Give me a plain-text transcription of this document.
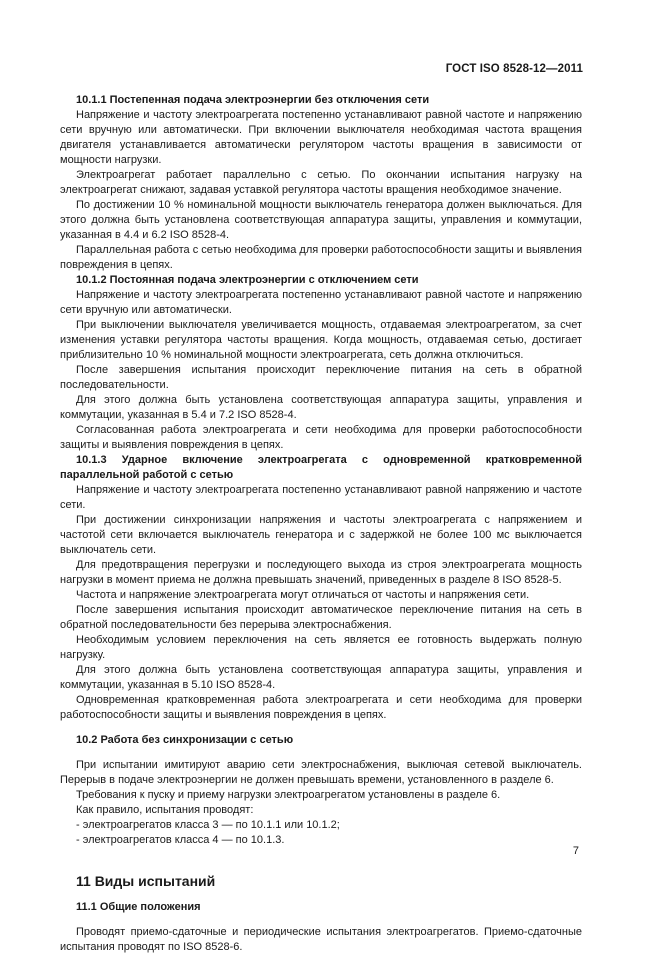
ГОСТ ISO 8528-12—2011
10.1.1 Постепенная подача электроэнергии без отключения сети

Напряжение и частоту электроагрегата постепенно устанавливают равной частоте и напряжению сети вручную или автоматически. При включении выключателя необходимая частота вращения двигателя устанавливается автоматически регулятором частоты вращения в зависимости от мощности нагрузки.

Электроагрегат работает параллельно с сетью. По окончании испытания нагрузку на электроагрегат снижают, задавая уставкой регулятора частоты вращения необходимое значение.

По достижении 10 % номинальной мощности выключатель генератора должен выключаться. Для этого должна быть установлена соответствующая аппаратура защиты, управления и коммутации, указанная в 4.4 и 6.2 ISO 8528-4.

Параллельная работа с сетью необходима для проверки работоспособности защиты и выявления повреждения в цепях.

10.1.2 Постоянная подача электроэнергии с отключением сети

Напряжение и частоту электроагрегата постепенно устанавливают равной частоте и напряжению сети вручную или автоматически.

При выключении выключателя увеличивается мощность, отдаваемая электроагрегатом, за счет изменения уставки регулятора частоты вращения. Когда мощность, отдаваемая сетью, достигает приблизительно 10 % номинальной мощности электроагрегата, сеть должна отключиться.

После завершения испытания происходит переключение питания на сеть в обратной последовательности.

Для этого должна быть установлена соответствующая аппаратура защиты, управления и коммутации, указанная в 5.4 и 7.2 ISO 8528-4.

Согласованная работа электроагрегата и сети необходима для проверки работоспособности защиты и выявления повреждения в цепях.

10.1.3 Ударное включение электроагрегата с одновременной кратковременной параллельной работой с сетью

Напряжение и частоту электроагрегата постепенно устанавливают равной напряжению и частоте сети.

При достижении синхронизации напряжения и частоты электроагрегата с напряжением и частотой сети включается выключатель генератора и с задержкой не более 100 мс выключается выключатель сети.

Для предотвращения перегрузки и последующего выхода из строя электроагрегата мощность нагрузки в момент приема не должна превышать значений, приведенных в разделе 8 ISO 8528-5.

Частота и напряжение электроагрегата могут отличаться от частоты и напряжения сети.

После завершения испытания происходит автоматическое переключение питания на сеть в обратной последовательности без перерыва электроснабжения.

Необходимым условием переключения на сеть является ее готовность выдержать полную нагрузку.

Для этого должна быть установлена соответствующая аппаратура защиты, управления и коммутации, указанная в 5.10 ISO 8528-4.

Одновременная кратковременная работа электроагрегата и сети необходима для проверки работоспособности защиты и выявления повреждения в цепях.

10.2 Работа без синхронизации с сетью

При испытании имитируют аварию сети электроснабжения, выключая сетевой выключатель. Перерыв в подаче электроэнергии не должен превышать времени, установленного в разделе 6.

Требования к пуску и приему нагрузки электроагрегатом установлены в разделе 6.

Как правило, испытания проводят:

- электроагрегатов класса 3 — по 10.1.1 или 10.1.2;

- электроагрегатов класса 4 — по 10.1.3.

11 Виды испытаний
11.1 Общие положения

Проводят приемо-сдаточные и периодические испытания электроагрегатов. Приемо-сдаточные испытания проводят по ISO 8528-6.

7
